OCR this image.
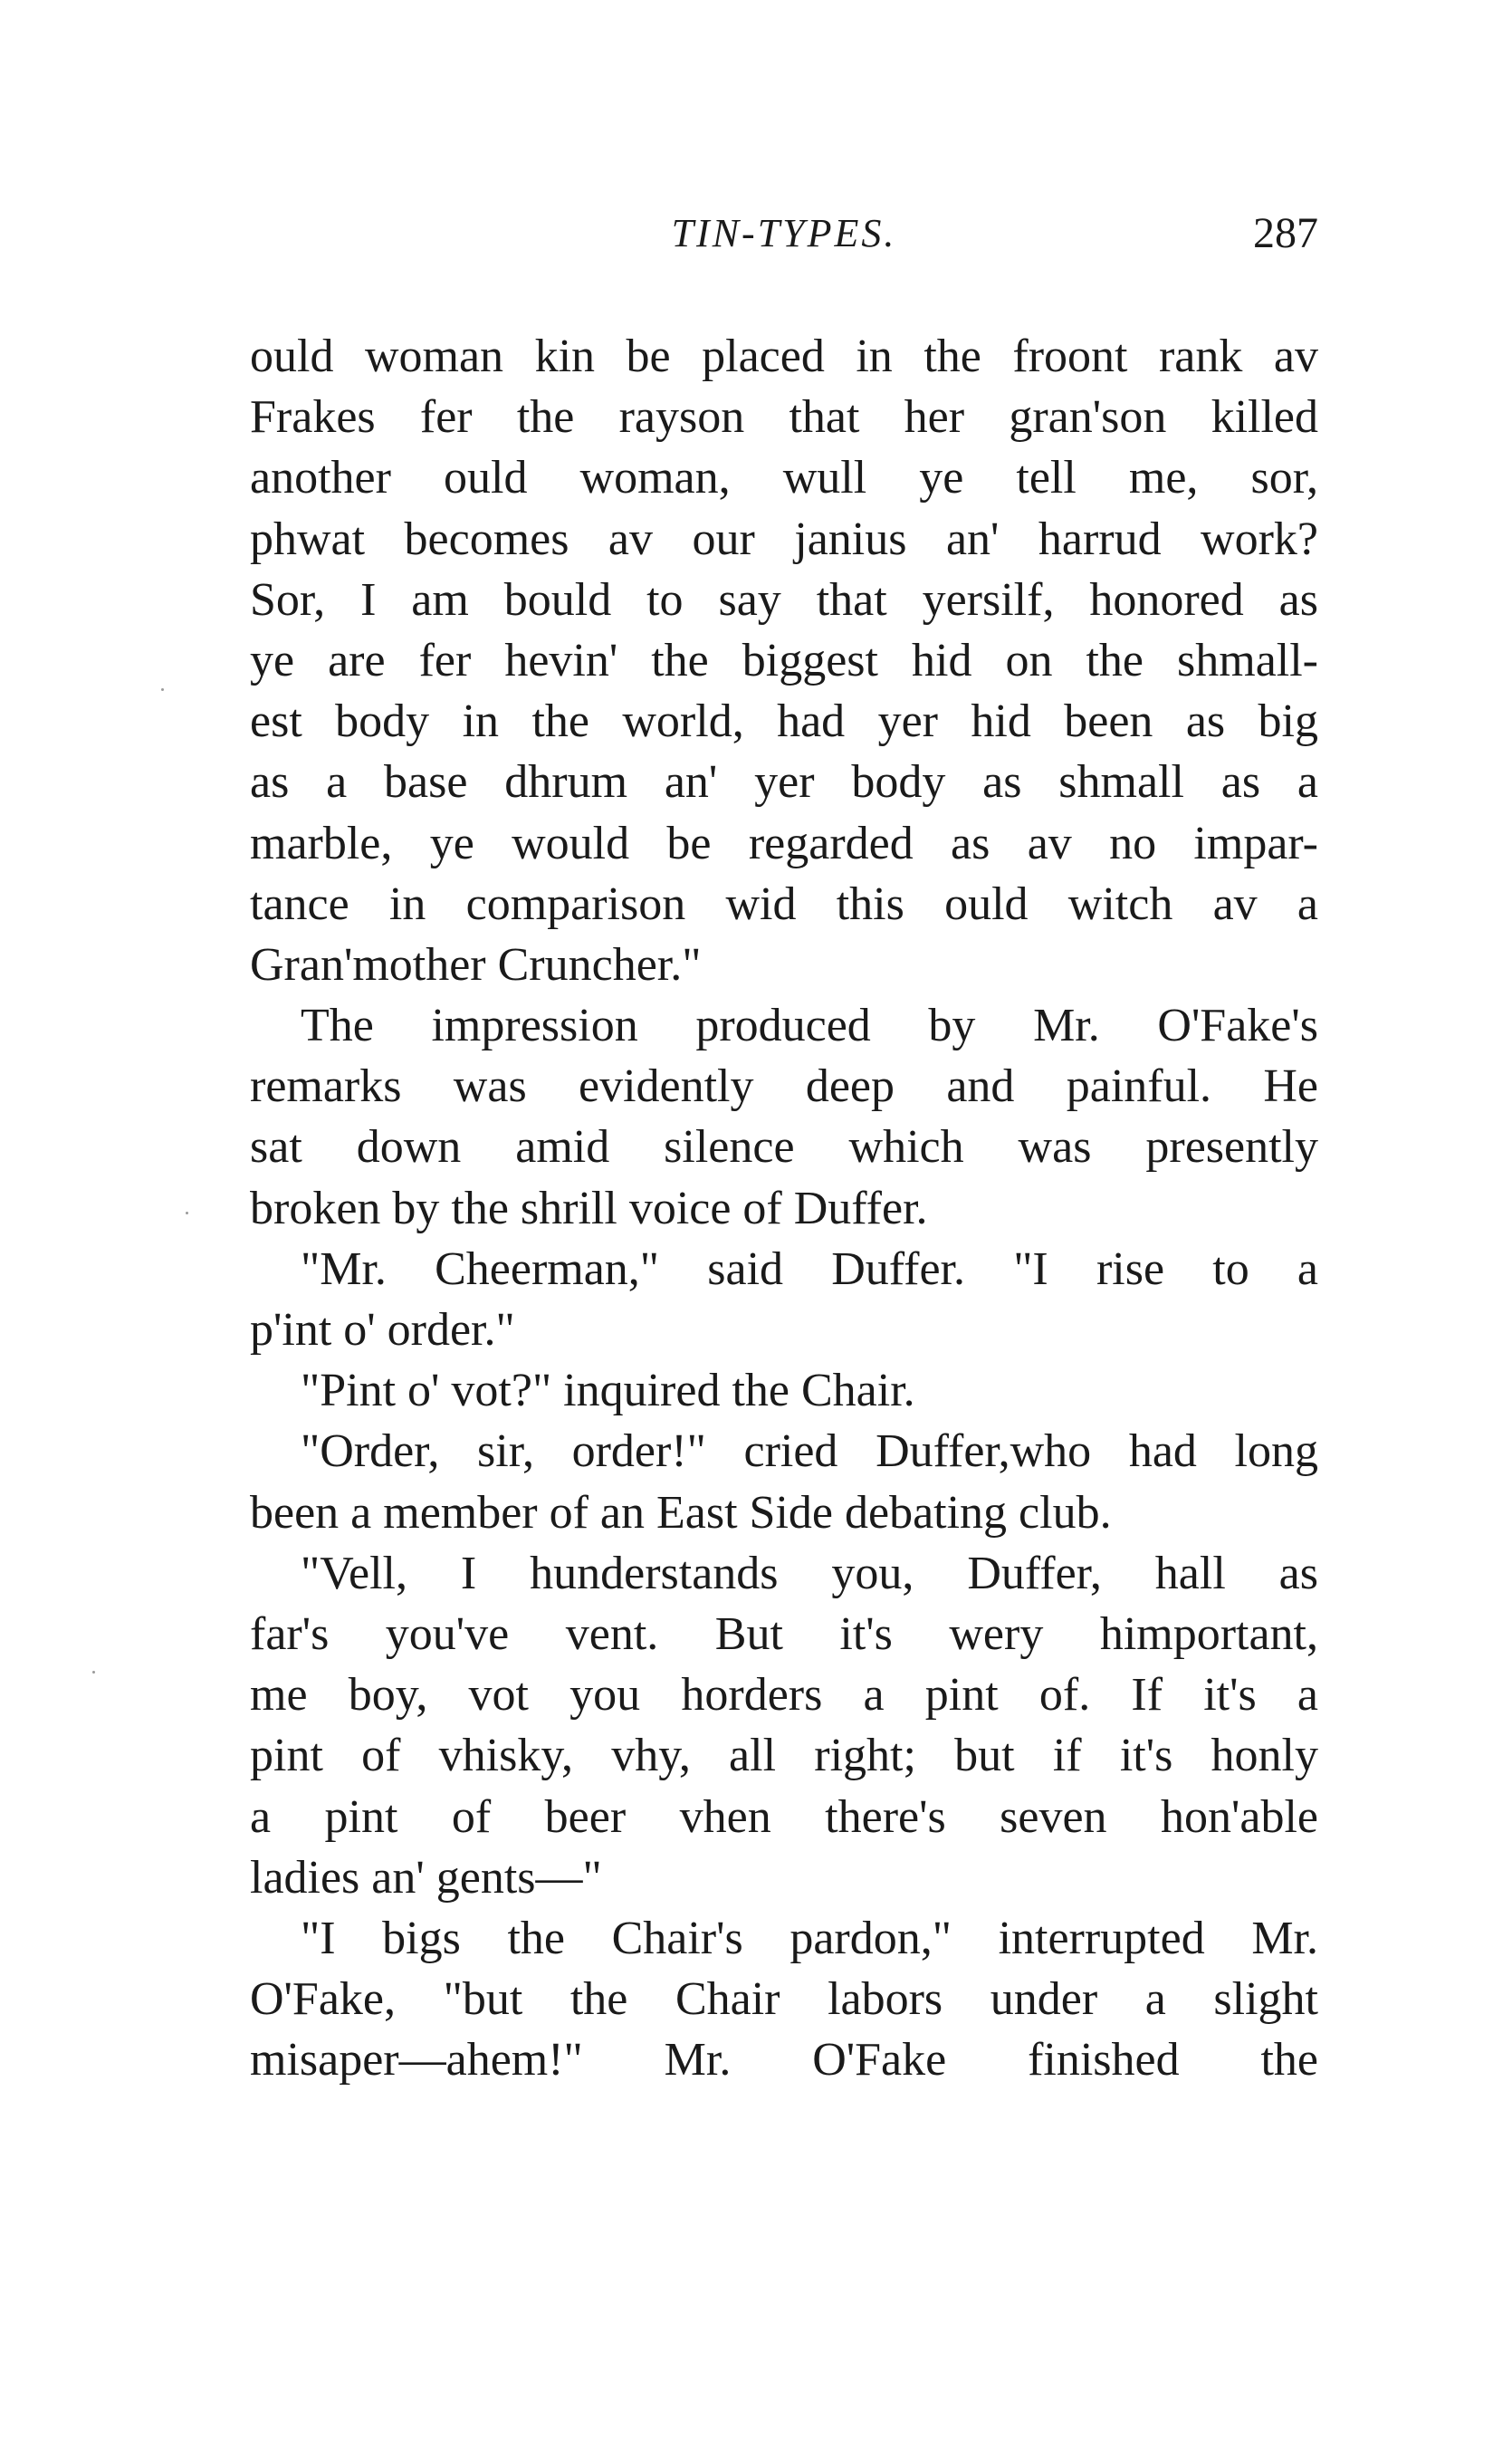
TIN-TYPES.	287
ould woman kin be placed in the froont rank av
Frakes fer the rayson that her gran'son killed
another ould woman, wull ye tell me, sor,
phwat becomes av our janius an' harrud work?
Sor, I am bould to say that yersilf, honored as
ye are fer hevin' the biggest hid on the shmall-
est body in the world, had yer hid been as big
as a base dhrum an' yer body as shmall as a
marble, ye would be regarded as av no impar-
tance in comparison wid this ould witch av a
Gran'mother Cruncher."
The impression produced by Mr. O'Fake's
remarks was evidently deep and painful. He
sat down amid silence which was presently
broken by the shrill voice of Duffer.
"Mr. Cheerman," said Duffer. "I rise to a
p'int o' order."
"Pint o' vot?" inquired the Chair.
"Order, sir, order!" cried Duffer,who had long
been a member of an East Side debating club.
"Vell, I hunderstands you, Duffer, hall as
far's you've vent. But it's wery himportant,
me boy, vot you horders a pint of. If it's a
pint of vhisky, vhy, all right; but if it's honly
a pint of beer vhen there's seven hon'able
ladies an' gents—"
"I bigs the Chair's pardon," interrupted Mr.
O'Fake, "but the Chair labors under a slight
misaper—ahem!" Mr. O'Fake finished the
